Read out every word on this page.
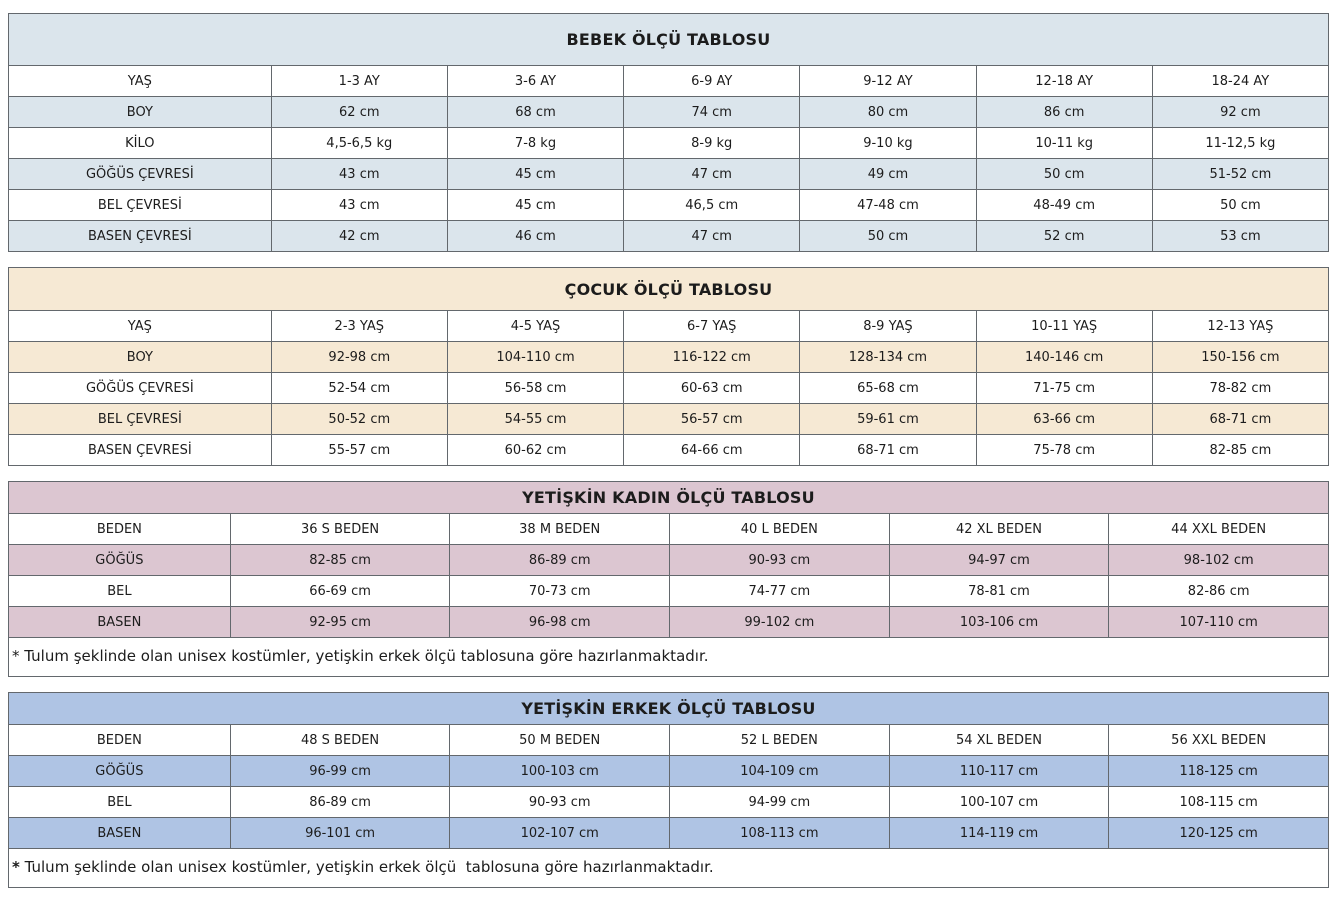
BEBEK ÖLÇÜ TABLOSU						
YAŞ	1-3 AY	3-6 AY	6-9 AY	9-12 AY	12-18 AY	18-24 AY
BOY	62 cm	68 cm	74 cm	80 cm	86 cm	92 cm
KİLO	4,5-6,5 kg	7-8 kg	8-9 kg	9-10 kg	10-11 kg	11-12,5 kg
GÖĞÜS ÇEVRESİ	43 cm	45 cm	47 cm	49 cm	50 cm	51-52 cm
BEL ÇEVRESİ	43 cm	45 cm	46,5 cm	47-48 cm	48-49 cm	50 cm
BASEN ÇEVRESİ	42 cm	46 cm	47 cm	50 cm	52 cm	53 cm
ÇOCUK ÖLÇÜ TABLOSU						
YAŞ	2-3 YAŞ	4-5 YAŞ	6-7 YAŞ	8-9 YAŞ	10-11 YAŞ	12-13 YAŞ
BOY	92-98 cm	104-110 cm	116-122 cm	128-134 cm	140-146 cm	150-156 cm
GÖĞÜS ÇEVRESİ	52-54 cm	56-58 cm	60-63 cm	65-68 cm	71-75 cm	78-82 cm
BEL ÇEVRESİ	50-52 cm	54-55 cm	56-57 cm	59-61 cm	63-66 cm	68-71 cm
BASEN ÇEVRESİ	55-57 cm	60-62 cm	64-66 cm	68-71 cm	75-78 cm	82-85 cm
YETİŞKİN KADIN ÖLÇÜ TABLOSU					
BEDEN	36 S BEDEN	38 M BEDEN	40 L BEDEN	42 XL BEDEN	44 XXL BEDEN
GÖĞÜS	82-85 cm	86-89 cm	90-93 cm	94-97 cm	98-102 cm
BEL	66-69 cm	70-73 cm	74-77 cm	78-81 cm	82-86 cm
BASEN	92-95 cm	96-98 cm	99-102 cm	103-106 cm	107-110 cm
* Tulum şeklinde olan unisex kostümler, yetişkin erkek ölçü tablosuna göre hazırlanmaktadır.					
YETİŞKİN ERKEK ÖLÇÜ TABLOSU					
BEDEN	48 S BEDEN	50 M BEDEN	52 L BEDEN	54 XL BEDEN	56 XXL BEDEN
GÖĞÜS	96-99 cm	100-103 cm	104-109 cm	110-117 cm	118-125 cm
BEL	86-89 cm	90-93 cm	94-99 cm	100-107 cm	108-115 cm
BASEN	96-101 cm	102-107 cm	108-113 cm	114-119 cm	120-125 cm
* Tulum şeklinde olan unisex kostümler, yetişkin erkek ölçü  tablosuna göre hazırlanmaktadır.					
